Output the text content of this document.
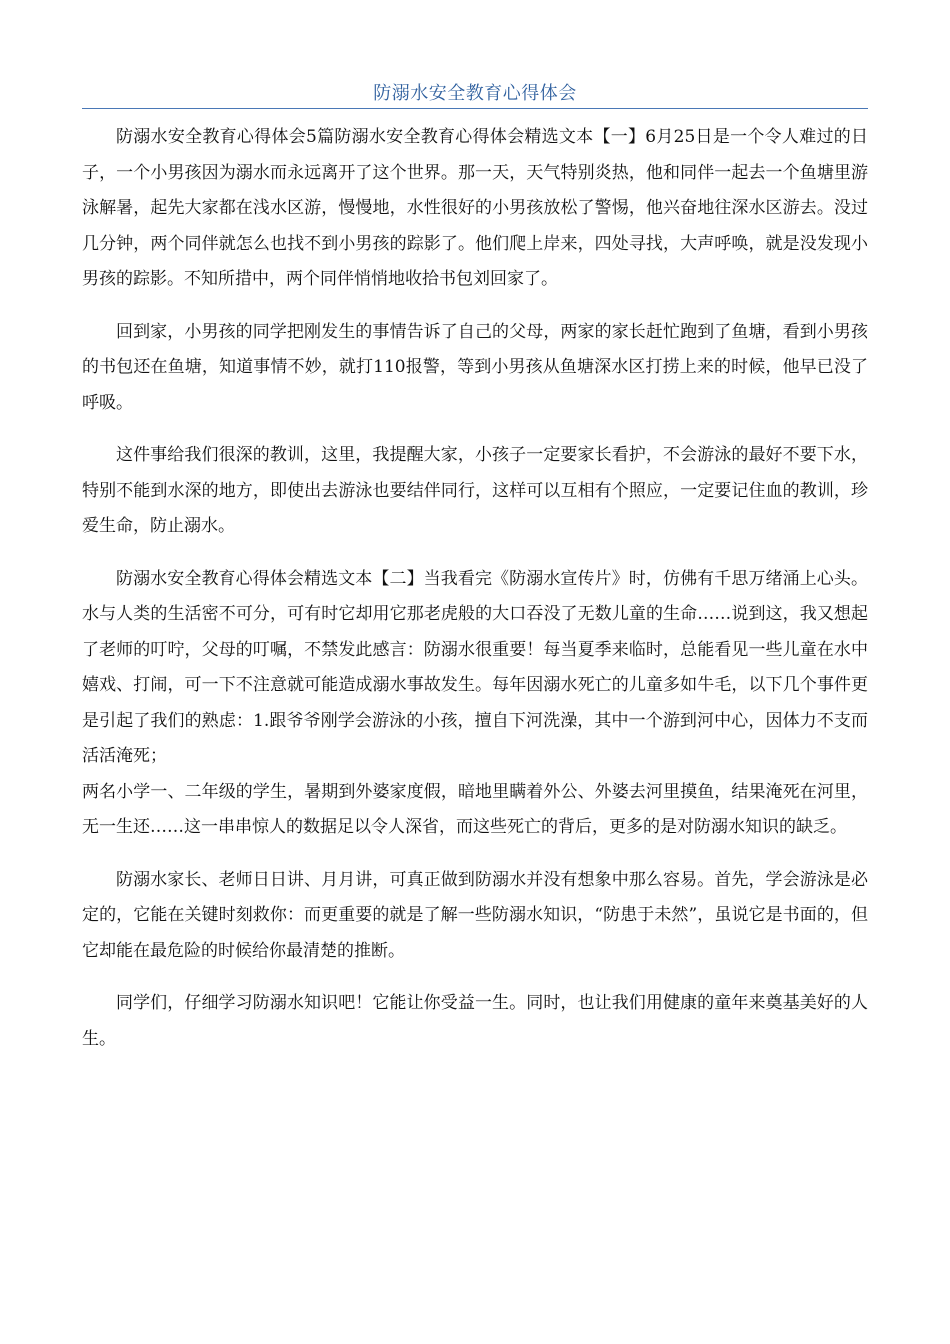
防溺水安全教育心得体会

防溺水安全教育心得体会5篇防溺水安全教育心得体会精选文本【一】6月25日是一个令人难过的日子，一个小男孩因为溺水而永远离开了这个世界。那一天，天气特别炎热，他和同伴一起去一个鱼塘里游泳解暑，起先大家都在浅水区游，慢慢地，水性很好的小男孩放松了警惕，他兴奋地往深水区游去。没过几分钟，两个同伴就怎么也找不到小男孩的踪影了。他们爬上岸来，四处寻找，大声呼唤，就是没发现小男孩的踪影。不知所措中，两个同伴悄悄地收拾书包刘回家了。

回到家，小男孩的同学把刚发生的事情告诉了自己的父母，两家的家长赶忙跑到了鱼塘，看到小男孩的书包还在鱼塘，知道事情不妙，就打110报警，等到小男孩从鱼塘深水区打捞上来的时候，他早已没了呼吸。

这件事给我们很深的教训，这里，我提醒大家，小孩子一定要家长看护，不会游泳的最好不要下水，特别不能到水深的地方，即使出去游泳也要结伴同行，这样可以互相有个照应，一定要记住血的教训，珍爱生命，防止溺水。

防溺水安全教育心得体会精选文本【二】当我看完《防溺水宣传片》时，仿佛有千思万绪涌上心头。水与人类的生活密不可分，可有时它却用它那老虎般的大口吞没了无数儿童的生命……说到这，我又想起了老师的叮咛，父母的叮嘱，不禁发此感言：防溺水很重要！每当夏季来临时，总能看见一些儿童在水中嬉戏、打闹，可一下不注意就可能造成溺水事故发生。每年因溺水死亡的儿童多如牛毛，以下几个事件更是引起了我们的熟虑：1.跟爷爷刚学会游泳的小孩，擅自下河洗澡，其中一个游到河中心，因体力不支而活活淹死；

两名小学一、二年级的学生，暑期到外婆家度假，暗地里瞒着外公、外婆去河里摸鱼，结果淹死在河里，无一生还……这一串串惊人的数据足以令人深省，而这些死亡的背后，更多的是对防溺水知识的缺乏。

防溺水家长、老师日日讲、月月讲，可真正做到防溺水并没有想象中那么容易。首先，学会游泳是必定的，它能在关键时刻救你：而更重要的就是了解一些防溺水知识，“防患于未然”，虽说它是书面的，但它却能在最危险的时候给你最清楚的推断。

同学们，仔细学习防溺水知识吧！它能让你受益一生。同时，也让我们用健康的童年来奠基美好的人生。
